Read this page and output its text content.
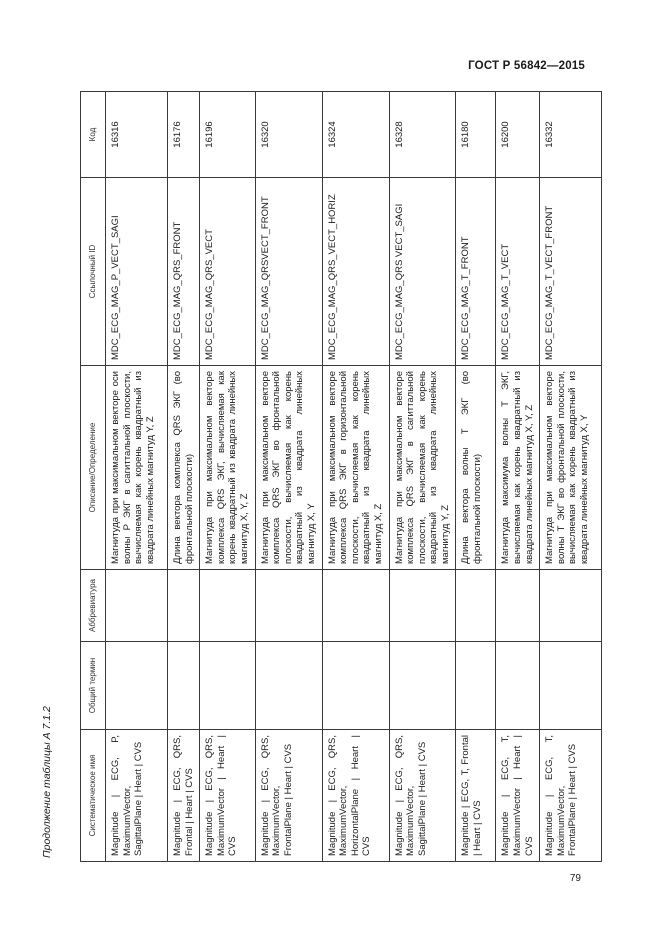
ГОСТ Р 56842—2015
Продолжение таблицы А 7.1.2	Систематическое имя	Общий термин	Аббревиатура	Описание/Определение	Ссылочный ID	Код
Magnitude | ECG, P, MaximumVector, SagittalPlane | Heart | CVS			Магнитуда при максимальном векторе оси волны Р ЭКГ в сагиттальной плоскости, вычисляемая как корень квадратный из квадрата линейных магнитуд Y, Z	MDC_ECG_MAG_P_VECT_SAGI	16316
Magnitude | ECG, QRS, Frontal | Heart | CVS			Длина вектора комплекса QRS ЭКГ (во фронтальной плоскости)	MDC_ECG_MAG_QRS_FRONT	16176
Magnitude | ECG, QRS, MaximumVector | Heart | CVS			Магнитуда при максимальном векторе комплекса QRS ЭКГ, вычисляемая как корень квадратный из квадрата линейных магнитуд X, Y, Z	MDC_ECG_MAG_QRS_VECT	16196
Magnitude | ECG, QRS, MaximumVector, FrontalPlane | Heart | CVS			Магнитуда при максимальном векторе комплекса QRS ЭКГ во фронтальной плоскости, вычисляемая как корень квадратный из квадрата линейных магнитуд X, Y	MDC_ECG_MAG_QRSVECT_FRONT	16320
Magnitude | ECG, QRS, MaximumVector, HorizontalPlane | Heart | CVS			Магнитуда при максимальном векторе комплекса QRS ЭКГ в горизонтальной плоскости, вычисляемая как корень квадратный из квадрата линейных магнитуд X, Z	MDC_ECG_MAG_QRS_VECT_HORIZ	16324
Magnitude | ECG, QRS, MaximumVector, SagittalPlane | Heart | CVS			Магнитуда при максимальном векторе комплекса QRS ЭКГ в сагиттальной плоскости, вычисляемая как корень квадратный из квадрата линейных магнитуд Y, Z	MDC_ECG_MAG_QRS VECT_SAGI	16328
Magnitude | ECG, T, Frontal | Heart | CVS			Длина вектора волны Т ЭКГ (во фронтальной плоскости)	MDC_ECG_MAG_T_FRONT	16180
Magnitude | ECG, T, MaximumVector | Heart | CVS			Магнитуда максимума волны Т ЭКГ, вычисляемая как корень квадратный из квадрата линейных магнитуд X, Y, Z	MDC_ECG_MAG_T_VECT	16200
Magnitude | ECG, T, MaximumVector, FrontalPlane | Heart | CVS			Магнитуда при максимальном векторе волны Т ЭКГ во фронтальной плоскости, вычисляемая как корень квадратный из квадрата линейных магнитуд X, Y	MDC_ECG_MAG_T_VECT_FRONT	16332
79
